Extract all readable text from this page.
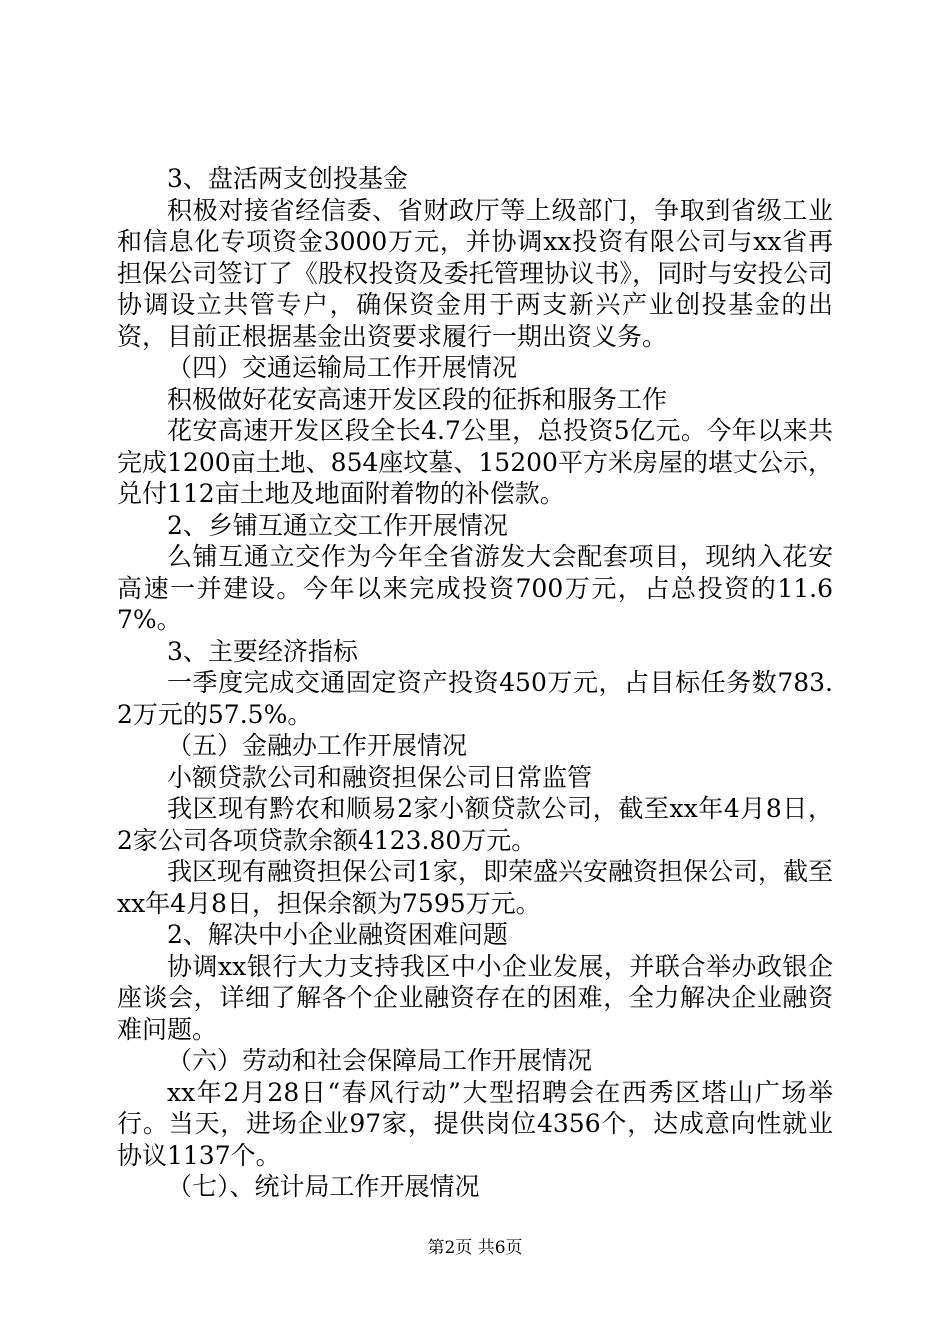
3、盘活两支创投基金

积极对接省经信委、省财政厅等上级部门，争取到省级工业和信息化专项资金3000万元，并协调xx投资有限公司与xx省再担保公司签订了《股权投资及委托管理协议书》，同时与安投公司协调设立共管专户，确保资金用于两支新兴产业创投基金的出资，目前正根据基金出资要求履行一期出资义务。

（四）交通运输局工作开展情况

积极做好花安高速开发区段的征拆和服务工作

花安高速开发区段全长4.7公里，总投资5亿元。今年以来共完成1200亩土地、854座坟墓、15200平方米房屋的堪丈公示，兑付112亩土地及地面附着物的补偿款。

2、乡铺互通立交工作开展情况

么铺互通立交作为今年全省游发大会配套项目，现纳入花安高速一并建设。今年以来完成投资700万元，占总投资的11.67%。

3、主要经济指标

一季度完成交通固定资产投资450万元，占目标任务数783.2万元的57.5%。

（五）金融办工作开展情况

小额贷款公司和融资担保公司日常监管

我区现有黔农和顺易2家小额贷款公司，截至xx年4月8日，2家公司各项贷款余额4123.80万元。

我区现有融资担保公司1家，即荣盛兴安融资担保公司，截至xx年4月8日，担保余额为7595万元。

2、解决中小企业融资困难问题

协调xx银行大力支持我区中小企业发展，并联合举办政银企座谈会，详细了解各个企业融资存在的困难，全力解决企业融资难问题。

（六）劳动和社会保障局工作开展情况

xx年2月28日“春风行动”大型招聘会在西秀区塔山广场举行。当天，进场企业97家，提供岗位4356个，达成意向性就业协议1137个。

（七）、统计局工作开展情况

第2页 共6页
